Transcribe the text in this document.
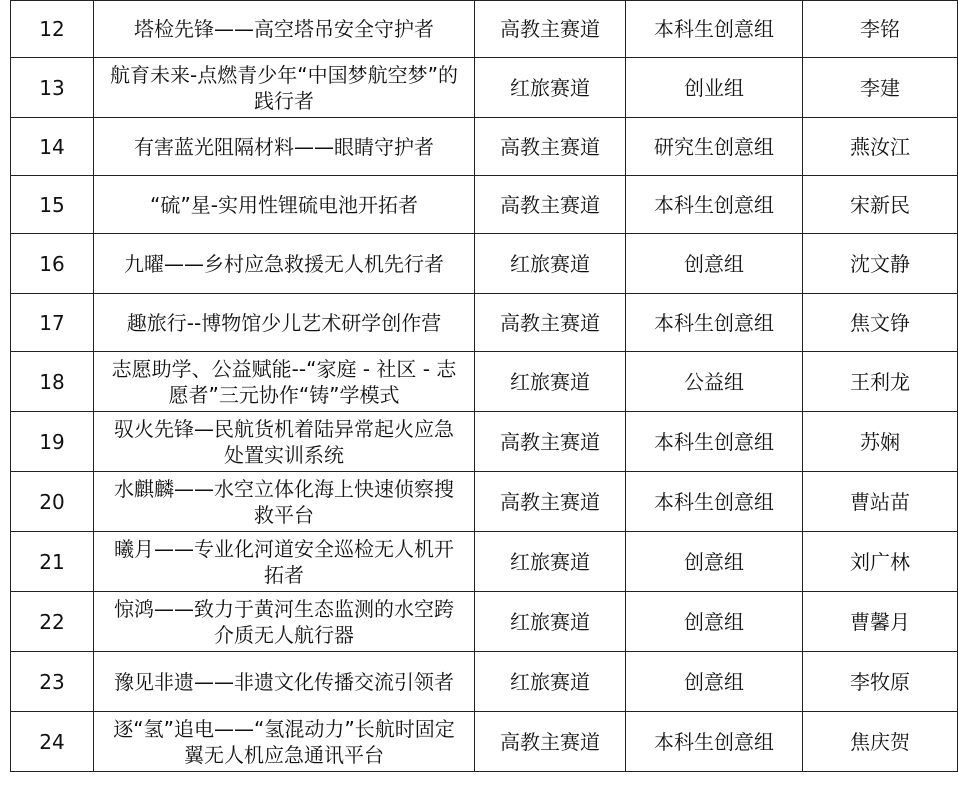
12	塔检先锋——高空塔吊安全守护者	高教主赛道	本科生创意组	李铭
13	航育未来-点燃青少年“中国梦航空梦”的践行者	红旅赛道	创业组	李建
14	有害蓝光阻隔材料——眼睛守护者	高教主赛道	研究生创意组	燕汝江
15	“硫”星-实用性锂硫电池开拓者	高教主赛道	本科生创意组	宋新民
16	九曜——乡村应急救援无人机先行者	红旅赛道	创意组	沈文静
17	趣旅行--博物馆少儿艺术研学创作营	高教主赛道	本科生创意组	焦文铮
18	志愿助学、公益赋能--“家庭 - 社区 - 志愿者”三元协作“铸”学模式	红旅赛道	公益组	王利龙
19	驭火先锋—民航货机着陆异常起火应急处置实训系统	高教主赛道	本科生创意组	苏娴
20	水麒麟——水空立体化海上快速侦察搜救平台	高教主赛道	本科生创意组	曹站苗
21	曦月——专业化河道安全巡检无人机开拓者	红旅赛道	创意组	刘广林
22	惊鸿——致力于黄河生态监测的水空跨介质无人航行器	红旅赛道	创意组	曹馨月
23	豫见非遗——非遗文化传播交流引领者	红旅赛道	创意组	李牧原
24	逐“氢”追电——“氢混动力”长航时固定翼无人机应急通讯平台	高教主赛道	本科生创意组	焦庆贺
